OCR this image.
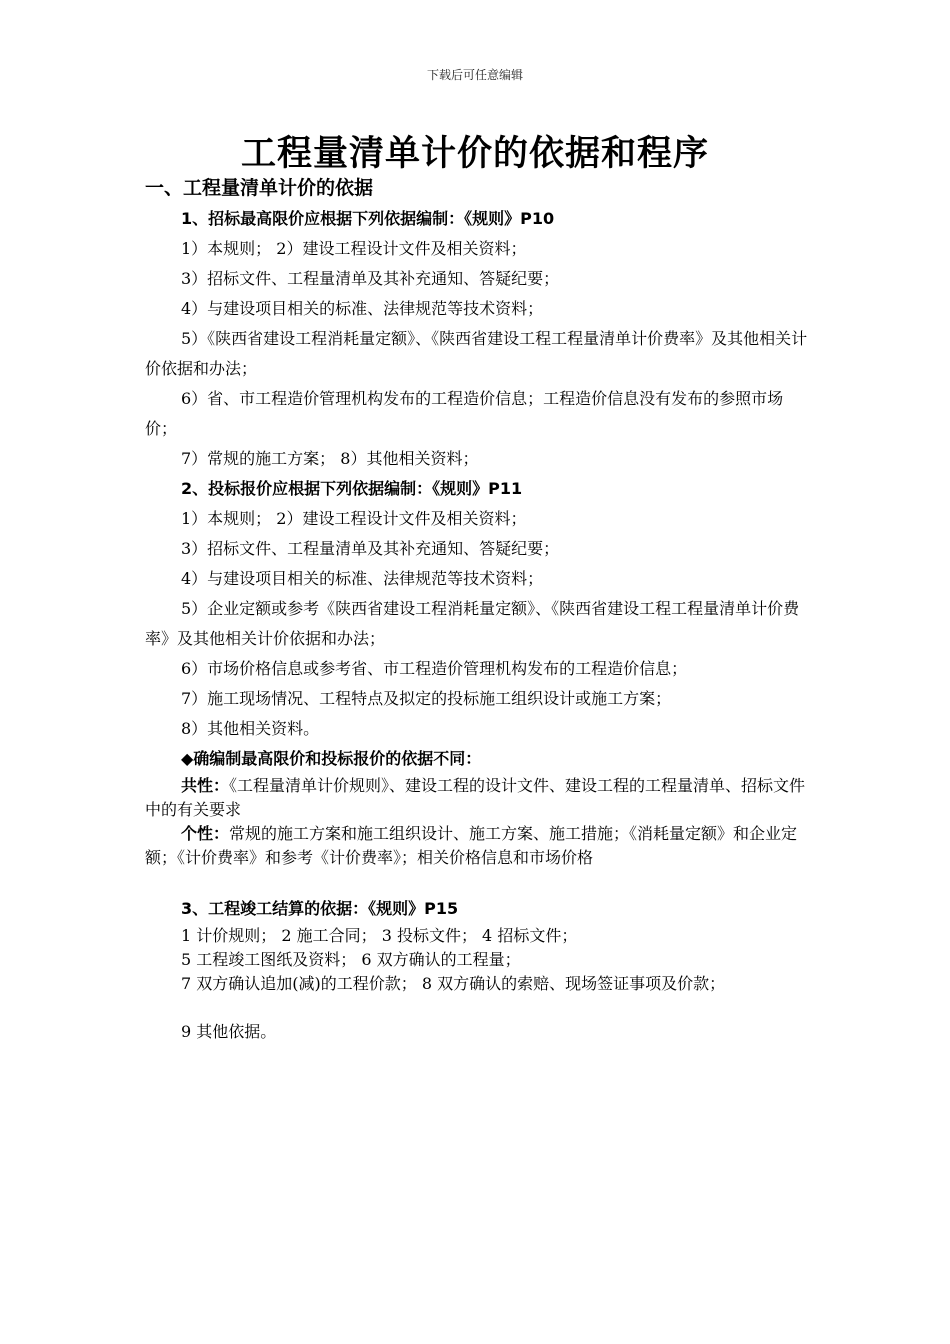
下载后可任意编辑
工程量清单计价的依据和程序
一、工程量清单计价的依据
1、招标最高限价应根据下列依据编制：《规则》P10
1）本规则； 2）建设工程设计文件及相关资料；
3）招标文件、工程量清单及其补充通知、答疑纪要；
4）与建设项目相关的标准、法律规范等技术资料；
5）《陕西省建设工程消耗量定额》、《陕西省建设工程工程量清单计价费率》及其他相关计价依据和办法；
6）省、市工程造价管理机构发布的工程造价信息；工程造价信息没有发布的参照市场价；
7）常规的施工方案； 8）其他相关资料；
2、投标报价应根据下列依据编制：《规则》P11
1）本规则； 2）建设工程设计文件及相关资料；
3）招标文件、工程量清单及其补充通知、答疑纪要；
4）与建设项目相关的标准、法律规范等技术资料；
5）企业定额或参考《陕西省建设工程消耗量定额》、《陕西省建设工程工程量清单计价费率》及其他相关计价依据和办法；
6）市场价格信息或参考省、市工程造价管理机构发布的工程造价信息；
7）施工现场情况、工程特点及拟定的投标施工组织设计或施工方案；
8）其他相关资料。
◆确编制最高限价和投标报价的依据不同：
共性：《工程量清单计价规则》、建设工程的设计文件、建设工程的工程量清单、招标文件中的有关要求
个性：常规的施工方案和施工组织设计、施工方案、施工措施；《消耗量定额》和企业定额；《计价费率》和参考《计价费率》；相关价格信息和市场价格
3、工程竣工结算的依据：《规则》P15
1 计价规则； 2 施工合同； 3 投标文件； 4 招标文件；
5 工程竣工图纸及资料； 6 双方确认的工程量；
7 双方确认追加(减)的工程价款； 8 双方确认的索赔、现场签证事项及价款；
9 其他依据。
